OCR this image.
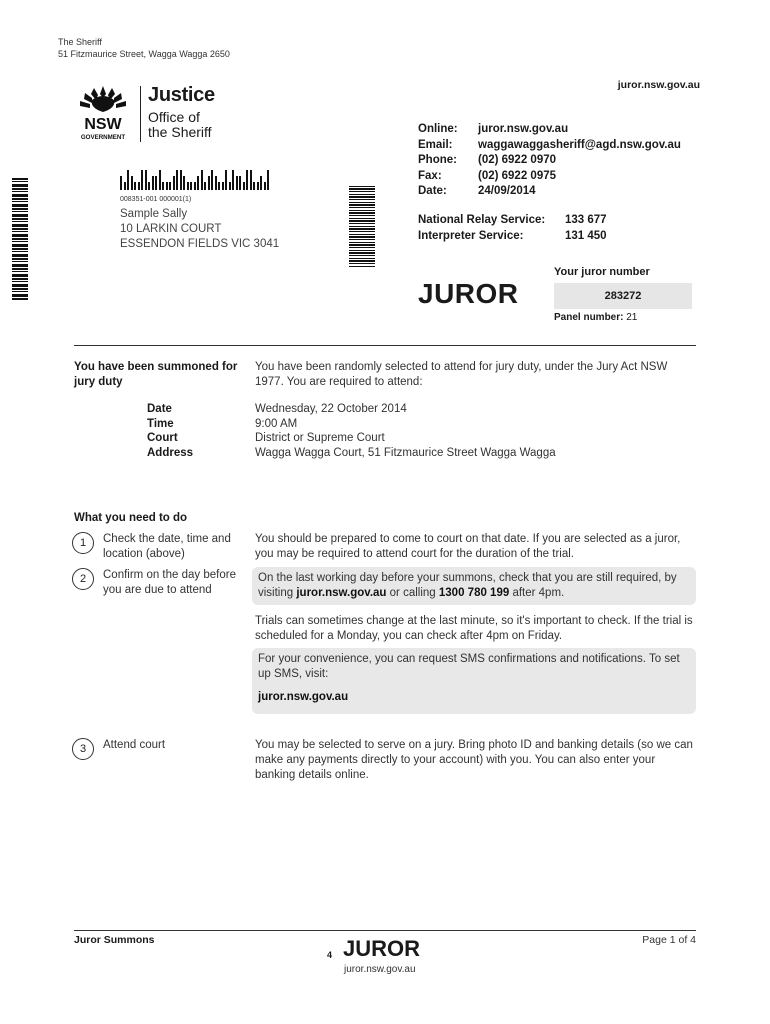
The Sheriff
51 Fitzmaurice Street, Wagga Wagga 2650
juror.nsw.gov.au
NSW
GOVERNMENT
Justice
Office of
the Sheriff
008351-001 000001(1)
Sample Sally
10 LARKIN COURT
ESSENDON FIELDS VIC 3041
Online:	juror.nsw.gov.au
Email:	waggawaggasheriff@agd.nsw.gov.au
Phone:	(02) 6922 0970
Fax:	(02) 6922 0975
Date:	24/09/2014
National Relay Service:	133 677
Interpreter Service:	131 450
JUROR
Your juror number
283272
Panel number: 21
You have been summoned for jury duty
You have been randomly selected to attend for jury duty, under the Jury Act NSW 1977. You are required to attend:
Date	Wednesday, 22 October 2014
Time	9:00 AM
Court	District or Supreme Court
Address	Wagga Wagga Court, 51 Fitzmaurice Street Wagga Wagga
What you need to do
1	Check the date, time and location (above)
You should be prepared to come to court on that date. If you are selected as a juror, you may be required to attend court for the duration of the trial.
2	Confirm on the day before you are due to attend
On the last working day before your summons, check that you are still required, by visiting juror.nsw.gov.au or calling 1300 780 199 after 4pm.
Trials can sometimes change at the last minute, so it's important to check. If the trial is scheduled for a Monday, you can check after 4pm on Friday.
For your convenience, you can request SMS confirmations and notifications. To set up SMS, visit:
juror.nsw.gov.au
3	Attend court	You may be selected to serve on a jury. Bring photo ID and banking details (so we can make any payments directly to your account) with you. You can also enter your banking details online.
Juror Summons	Page 1 of 4
4 JUROR
juror.nsw.gov.au
